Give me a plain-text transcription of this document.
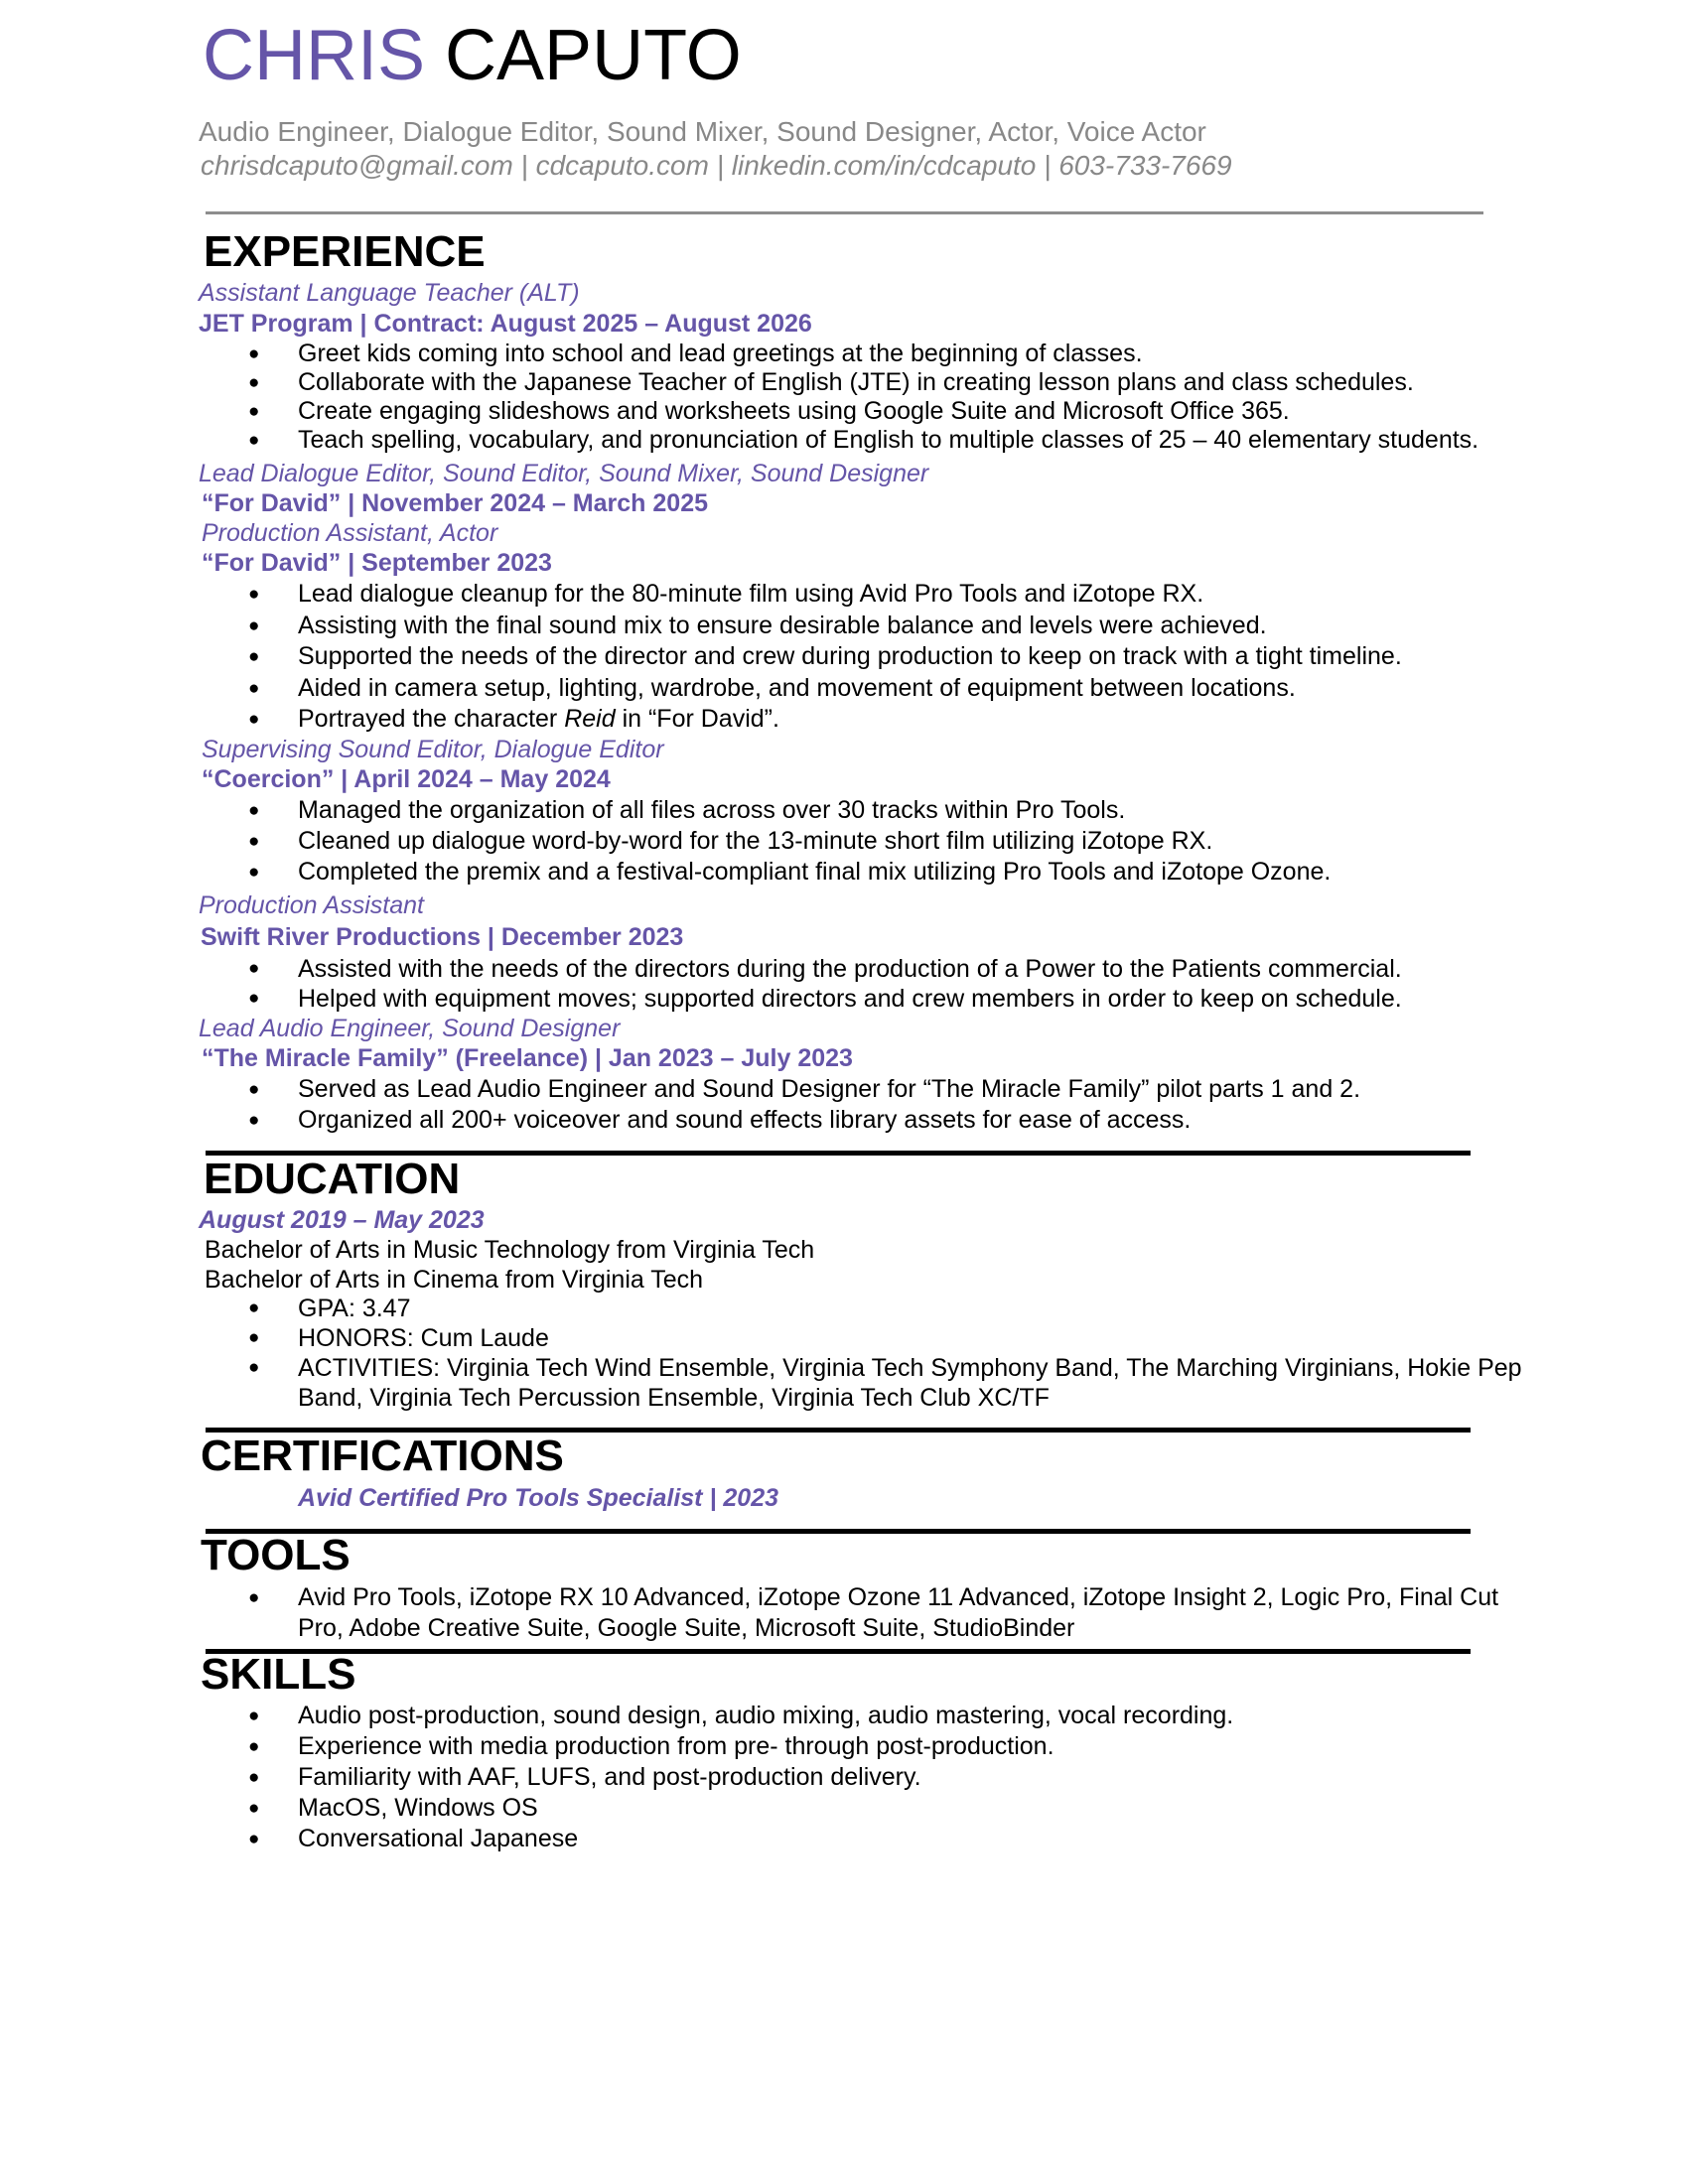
CHRIS CAPUTO
Audio Engineer, Dialogue Editor, Sound Mixer, Sound Designer, Actor, Voice Actor
chrisdcaputo@gmail.com | cdcaputo.com | linkedin.com/in/cdcaputo | 603-733-7669
EXPERIENCE
Assistant Language Teacher (ALT)
JET Program | Contract: August 2025 – August 2026
● Greet kids coming into school and lead greetings at the beginning of classes.
● Collaborate with the Japanese Teacher of English (JTE) in creating lesson plans and class schedules.
● Create engaging slideshows and worksheets using Google Suite and Microsoft Office 365.
● Teach spelling, vocabulary, and pronunciation of English to multiple classes of 25 – 40 elementary students.
Lead Dialogue Editor, Sound Editor, Sound Mixer, Sound Designer
“For David” | November 2024 – March 2025
Production Assistant, Actor
“For David” | September 2023
● Lead dialogue cleanup for the 80-minute film using Avid Pro Tools and iZotope RX.
● Assisting with the final sound mix to ensure desirable balance and levels were achieved.
● Supported the needs of the director and crew during production to keep on track with a tight timeline.
● Aided in camera setup, lighting, wardrobe, and movement of equipment between locations.
● Portrayed the character Reid in “For David”.
Supervising Sound Editor, Dialogue Editor
“Coercion” | April 2024 – May 2024
● Managed the organization of all files across over 30 tracks within Pro Tools.
● Cleaned up dialogue word-by-word for the 13-minute short film utilizing iZotope RX.
● Completed the premix and a festival-compliant final mix utilizing Pro Tools and iZotope Ozone.
Production Assistant
Swift River Productions | December 2023
● Assisted with the needs of the directors during the production of a Power to the Patients commercial.
● Helped with equipment moves; supported directors and crew members in order to keep on schedule.
Lead Audio Engineer, Sound Designer
“The Miracle Family” (Freelance) | Jan 2023 – July 2023
● Served as Lead Audio Engineer and Sound Designer for “The Miracle Family” pilot parts 1 and 2.
● Organized all 200+ voiceover and sound effects library assets for ease of access.
EDUCATION
August 2019 – May 2023
Bachelor of Arts in Music Technology from Virginia Tech
Bachelor of Arts in Cinema from Virginia Tech
● GPA: 3.47
● HONORS: Cum Laude
● ACTIVITIES: Virginia Tech Wind Ensemble, Virginia Tech Symphony Band, The Marching Virginians, Hokie Pep Band, Virginia Tech Percussion Ensemble, Virginia Tech Club XC/TF
CERTIFICATIONS
Avid Certified Pro Tools Specialist | 2023
TOOLS
● Avid Pro Tools, iZotope RX 10 Advanced, iZotope Ozone 11 Advanced, iZotope Insight 2, Logic Pro, Final Cut Pro, Adobe Creative Suite, Google Suite, Microsoft Suite, StudioBinder
SKILLS
● Audio post-production, sound design, audio mixing, audio mastering, vocal recording.
● Experience with media production from pre- through post-production.
● Familiarity with AAF, LUFS, and post-production delivery.
● MacOS, Windows OS
● Conversational Japanese
